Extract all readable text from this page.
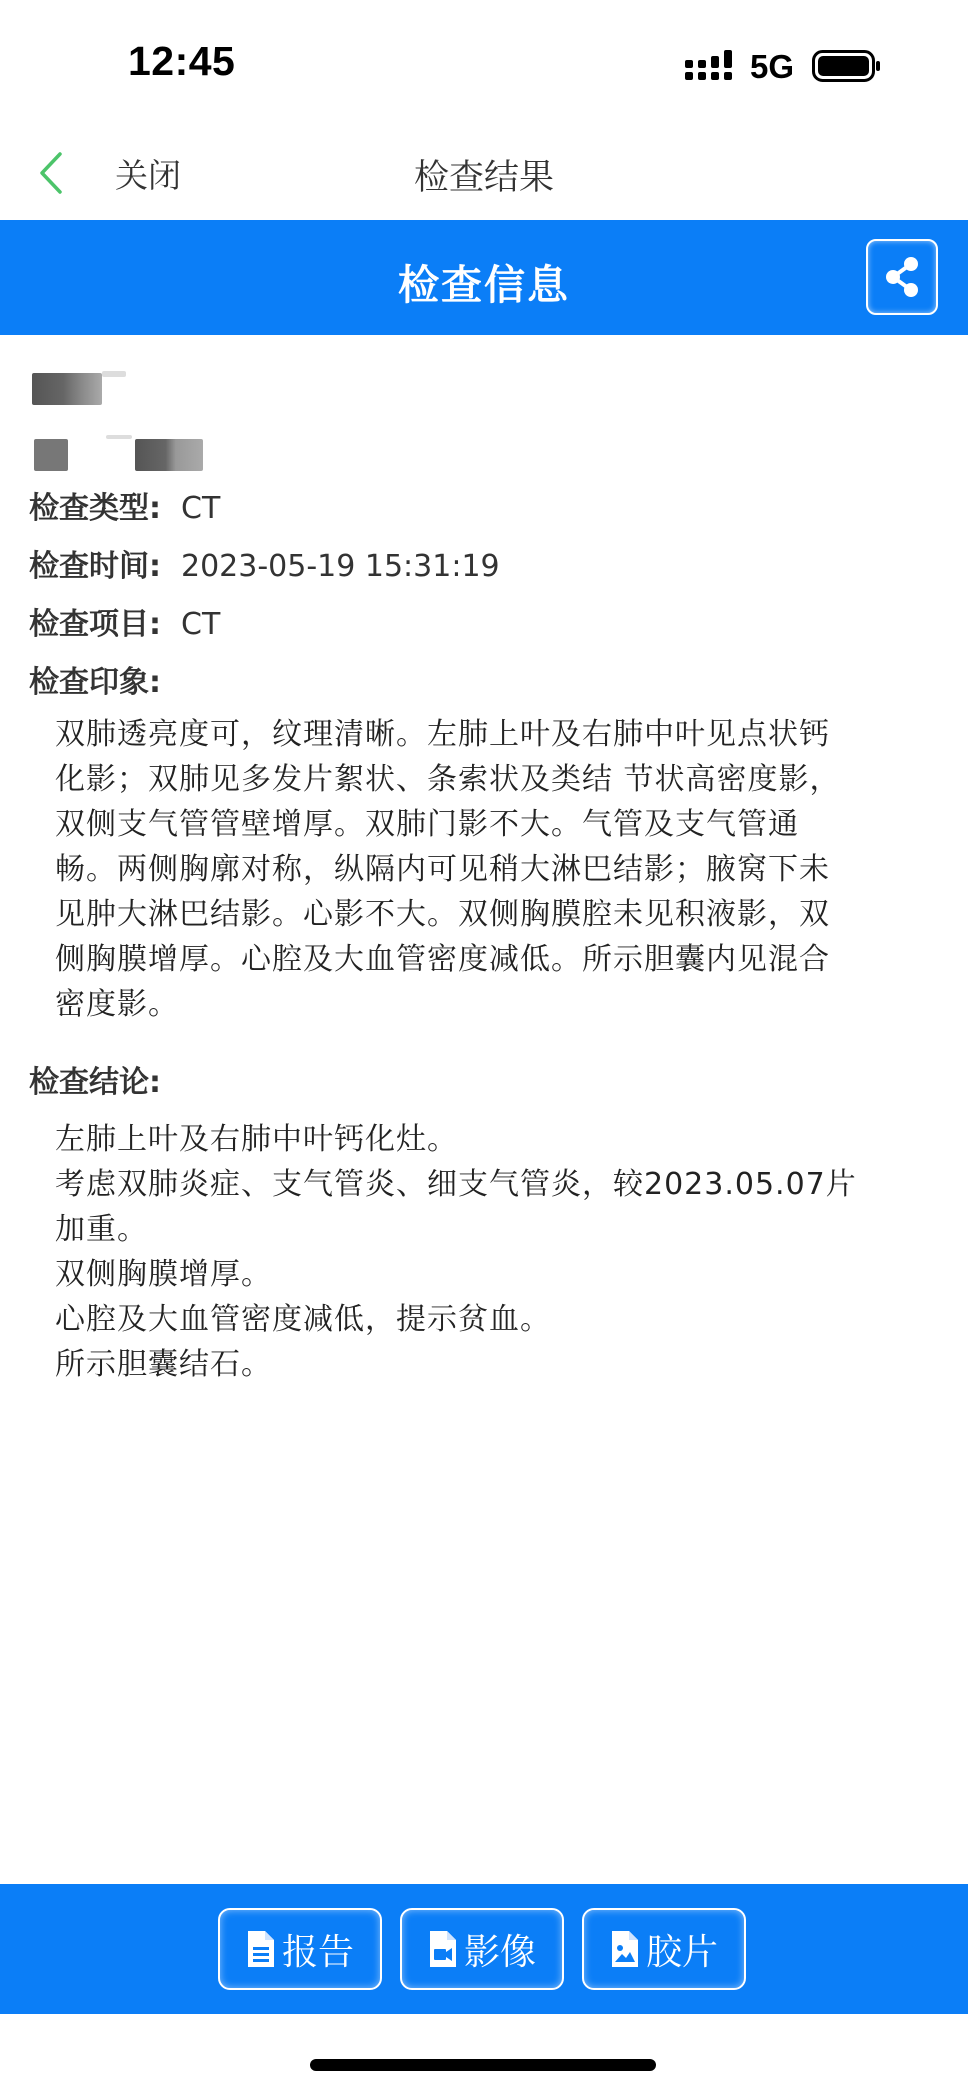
12:45	5G
关闭	检查结果
检查信息
检查类型: CT
检查时间: 2023-05-19 15:31:19
检查项目: CT
检查印象:
双肺透亮度可，纹理清晰。左肺上叶及右肺中叶见点状钙
化影；双肺见多发片絮状、条索状及类结 节状高密度影，
双侧支气管管壁增厚。双肺门影不大。气管及支气管通
畅。两侧胸廓对称，纵隔内可见稍大淋巴结影；腋窝下未
见肿大淋巴结影。心影不大。双侧胸膜腔未见积液影，双
侧胸膜增厚。心腔及大血管密度减低。所示胆囊内见混合
密度影。
检查结论:
左肺上叶及右肺中叶钙化灶。
考虑双肺炎症、支气管炎、细支气管炎，较2023.05.07片
加重。
双侧胸膜增厚。
心腔及大血管密度减低，提示贫血。
所示胆囊结石。
报告	影像	胶片
